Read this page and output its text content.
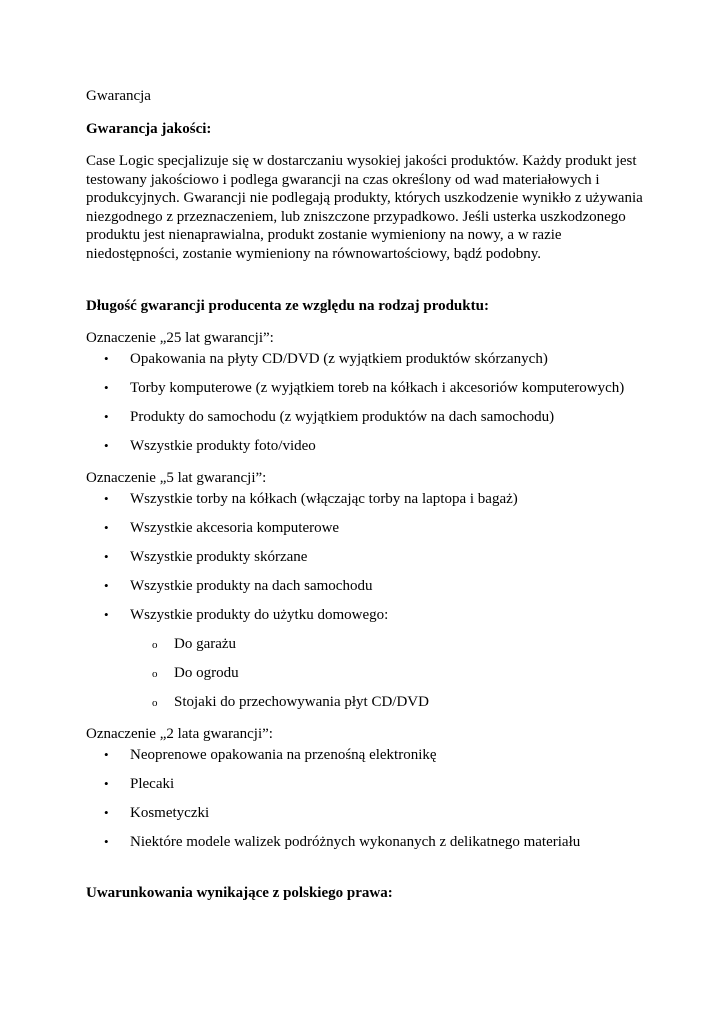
Gwarancja

Gwarancja jakości:

Case Logic specjalizuje się w dostarczaniu wysokiej jakości produktów. Każdy produkt jest testowany jakościowo i podlega gwarancji na czas określony od wad materiałowych i produkcyjnych. Gwarancji nie podlegają produkty, których uszkodzenie wynikło z używania niezgodnego z przeznaczeniem, lub zniszczone przypadkowo. Jeśli usterka uszkodzonego produktu jest nienaprawialna, produkt zostanie wymieniony na nowy, a w razie niedostępności, zostanie wymieniony na równowartościowy, bądź podobny.

Długość gwarancji producenta ze względu na rodzaj produktu:

Oznaczenie „25 lat gwarancji”:

• Opakowania na płyty CD/DVD (z wyjątkiem produktów skórzanych)
• Torby komputerowe (z wyjątkiem toreb na kółkach i akcesoriów komputerowych)
• Produkty do samochodu (z wyjątkiem produktów na dach samochodu)
• Wszystkie produkty foto/video

Oznaczenie „5 lat gwarancji”:

• Wszystkie torby na kółkach (włączając torby na laptopa i bagaż)
• Wszystkie akcesoria komputerowe
• Wszystkie produkty skórzane
• Wszystkie produkty na dach samochodu
• Wszystkie produkty do użytku domowego:
o Do garażu
o Do ogrodu
o Stojaki do przechowywania płyt CD/DVD

Oznaczenie „2 lata gwarancji”:

• Neoprenowe opakowania na przenośną elektronikę
• Plecaki
• Kosmetyczki
• Niektóre modele walizek podróżnych wykonanych z delikatnego materiału

Uwarunkowania wynikające z polskiego prawa:
